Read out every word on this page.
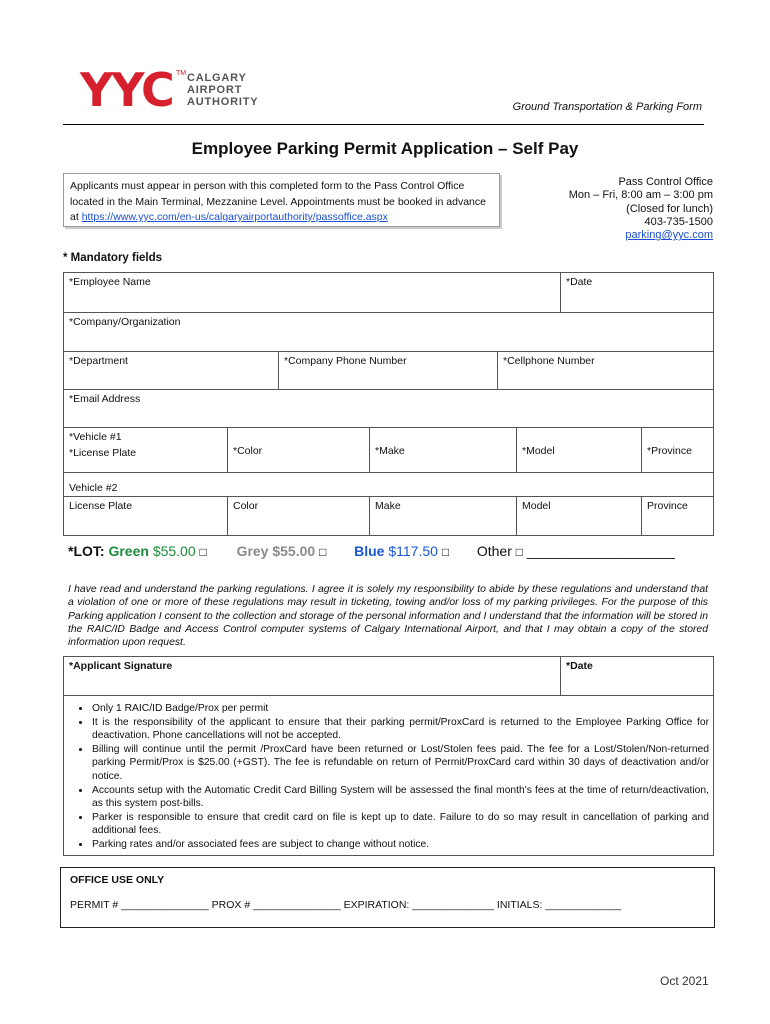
YYC TM CALGARY
AIRPORT
AUTHORITY	Ground Transportation & Parking Form
Employee Parking Permit Application – Self Pay
Applicants must appear in person with this completed form to the Pass Control Office located in the Main Terminal, Mezzanine Level. Appointments must be booked in advance at https://www.yyc.com/en-us/calgaryairportauthority/passoffice.aspx
Pass Control Office
Mon – Fri, 8:00 am – 3:00 pm
(Closed for lunch)
403-735-1500
parking@yyc.com
* Mandatory fields
*Employee Name	*Date
*Company/Organization
*Department	*Company Phone Number	*Cellphone Number
*Email Address
*Vehicle #1
*License Plate	*Color	*Make	*Model	*Province
Vehicle #2
License Plate	Color	Make	Model	Province
*LOT: Green $55.00 □ Grey $55.00 □ Blue $117.50 □ Other □ ___________________
I have read and understand the parking regulations. I agree it is solely my responsibility to abide by these regulations and understand that a violation of one or more of these regulations may result in ticketing, towing and/or loss of my parking privileges. For the purpose of this Parking application I consent to the collection and storage of the personal information and I understand that the information will be stored in the RAIC/ID Badge and Access Control computer systems of Calgary International Airport, and that I may obtain a copy of the stored information upon request.
*Applicant Signature	*Date
• Only 1 RAIC/ID Badge/Prox per permit
• It is the responsibility of the applicant to ensure that their parking permit/ProxCard is returned to the Employee Parking Office for deactivation. Phone cancellations will not be accepted.
• Billing will continue until the permit /ProxCard have been returned or Lost/Stolen fees paid. The fee for a Lost/Stolen/Non-returned parking Permit/Prox is $25.00 (+GST). The fee is refundable on return of Permit/ProxCard card within 30 days of deactivation and/or notice.
• Accounts setup with the Automatic Credit Card Billing System will be assessed the final month's fees at the time of return/deactivation, as this system post-bills.
• Parker is responsible to ensure that credit card on file is kept up to date. Failure to do so may result in cancellation of parking and additional fees.
• Parking rates and/or associated fees are subject to change without notice.
OFFICE USE ONLY
PERMIT # _______________ PROX # _______________ EXPIRATION: ______________ INITIALS: _____________
Oct 2021
